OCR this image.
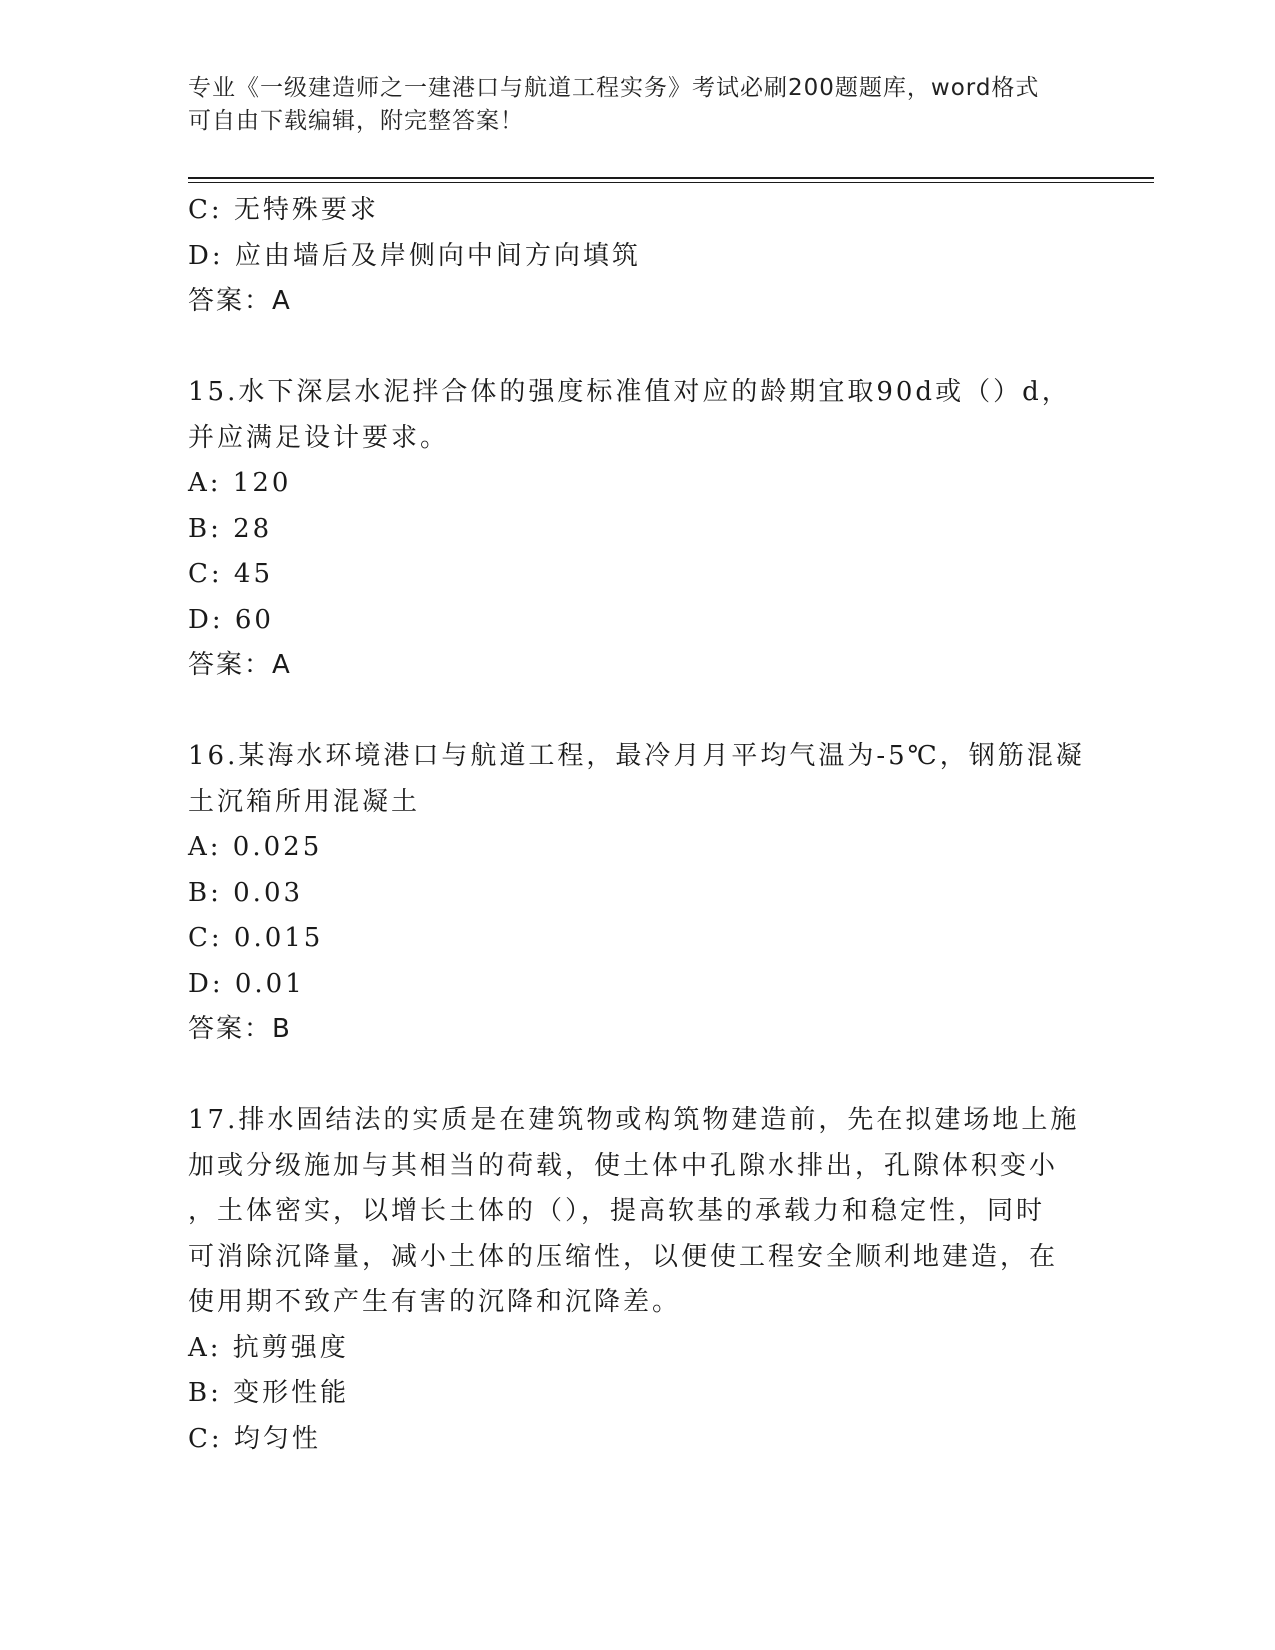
专业《一级建造师之一建港口与航道工程实务》考试必刷200题题库，word格式
可自由下载编辑，附完整答案！
C: 无特殊要求
D: 应由墙后及岸侧向中间方向填筑
答案：A
15.水下深层水泥拌合体的强度标准值对应的龄期宜取90d或（）d，
并应满足设计要求。
A: 120
B: 28
C: 45
D: 60
答案：A
16.某海水环境港口与航道工程，最冷月月平均气温为-5℃，钢筋混凝
土沉箱所用混凝土
A: 0.025
B: 0.03
C: 0.015
D: 0.01
答案：B
17.排水固结法的实质是在建筑物或构筑物建造前，先在拟建场地上施
加或分级施加与其相当的荷载，使土体中孔隙水排出，孔隙体积变小
，土体密实，以增长土体的（），提高软基的承载力和稳定性，同时
可消除沉降量，减小土体的压缩性，以便使工程安全顺利地建造，在
使用期不致产生有害的沉降和沉降差。
A: 抗剪强度
B: 变形性能
C: 均匀性
